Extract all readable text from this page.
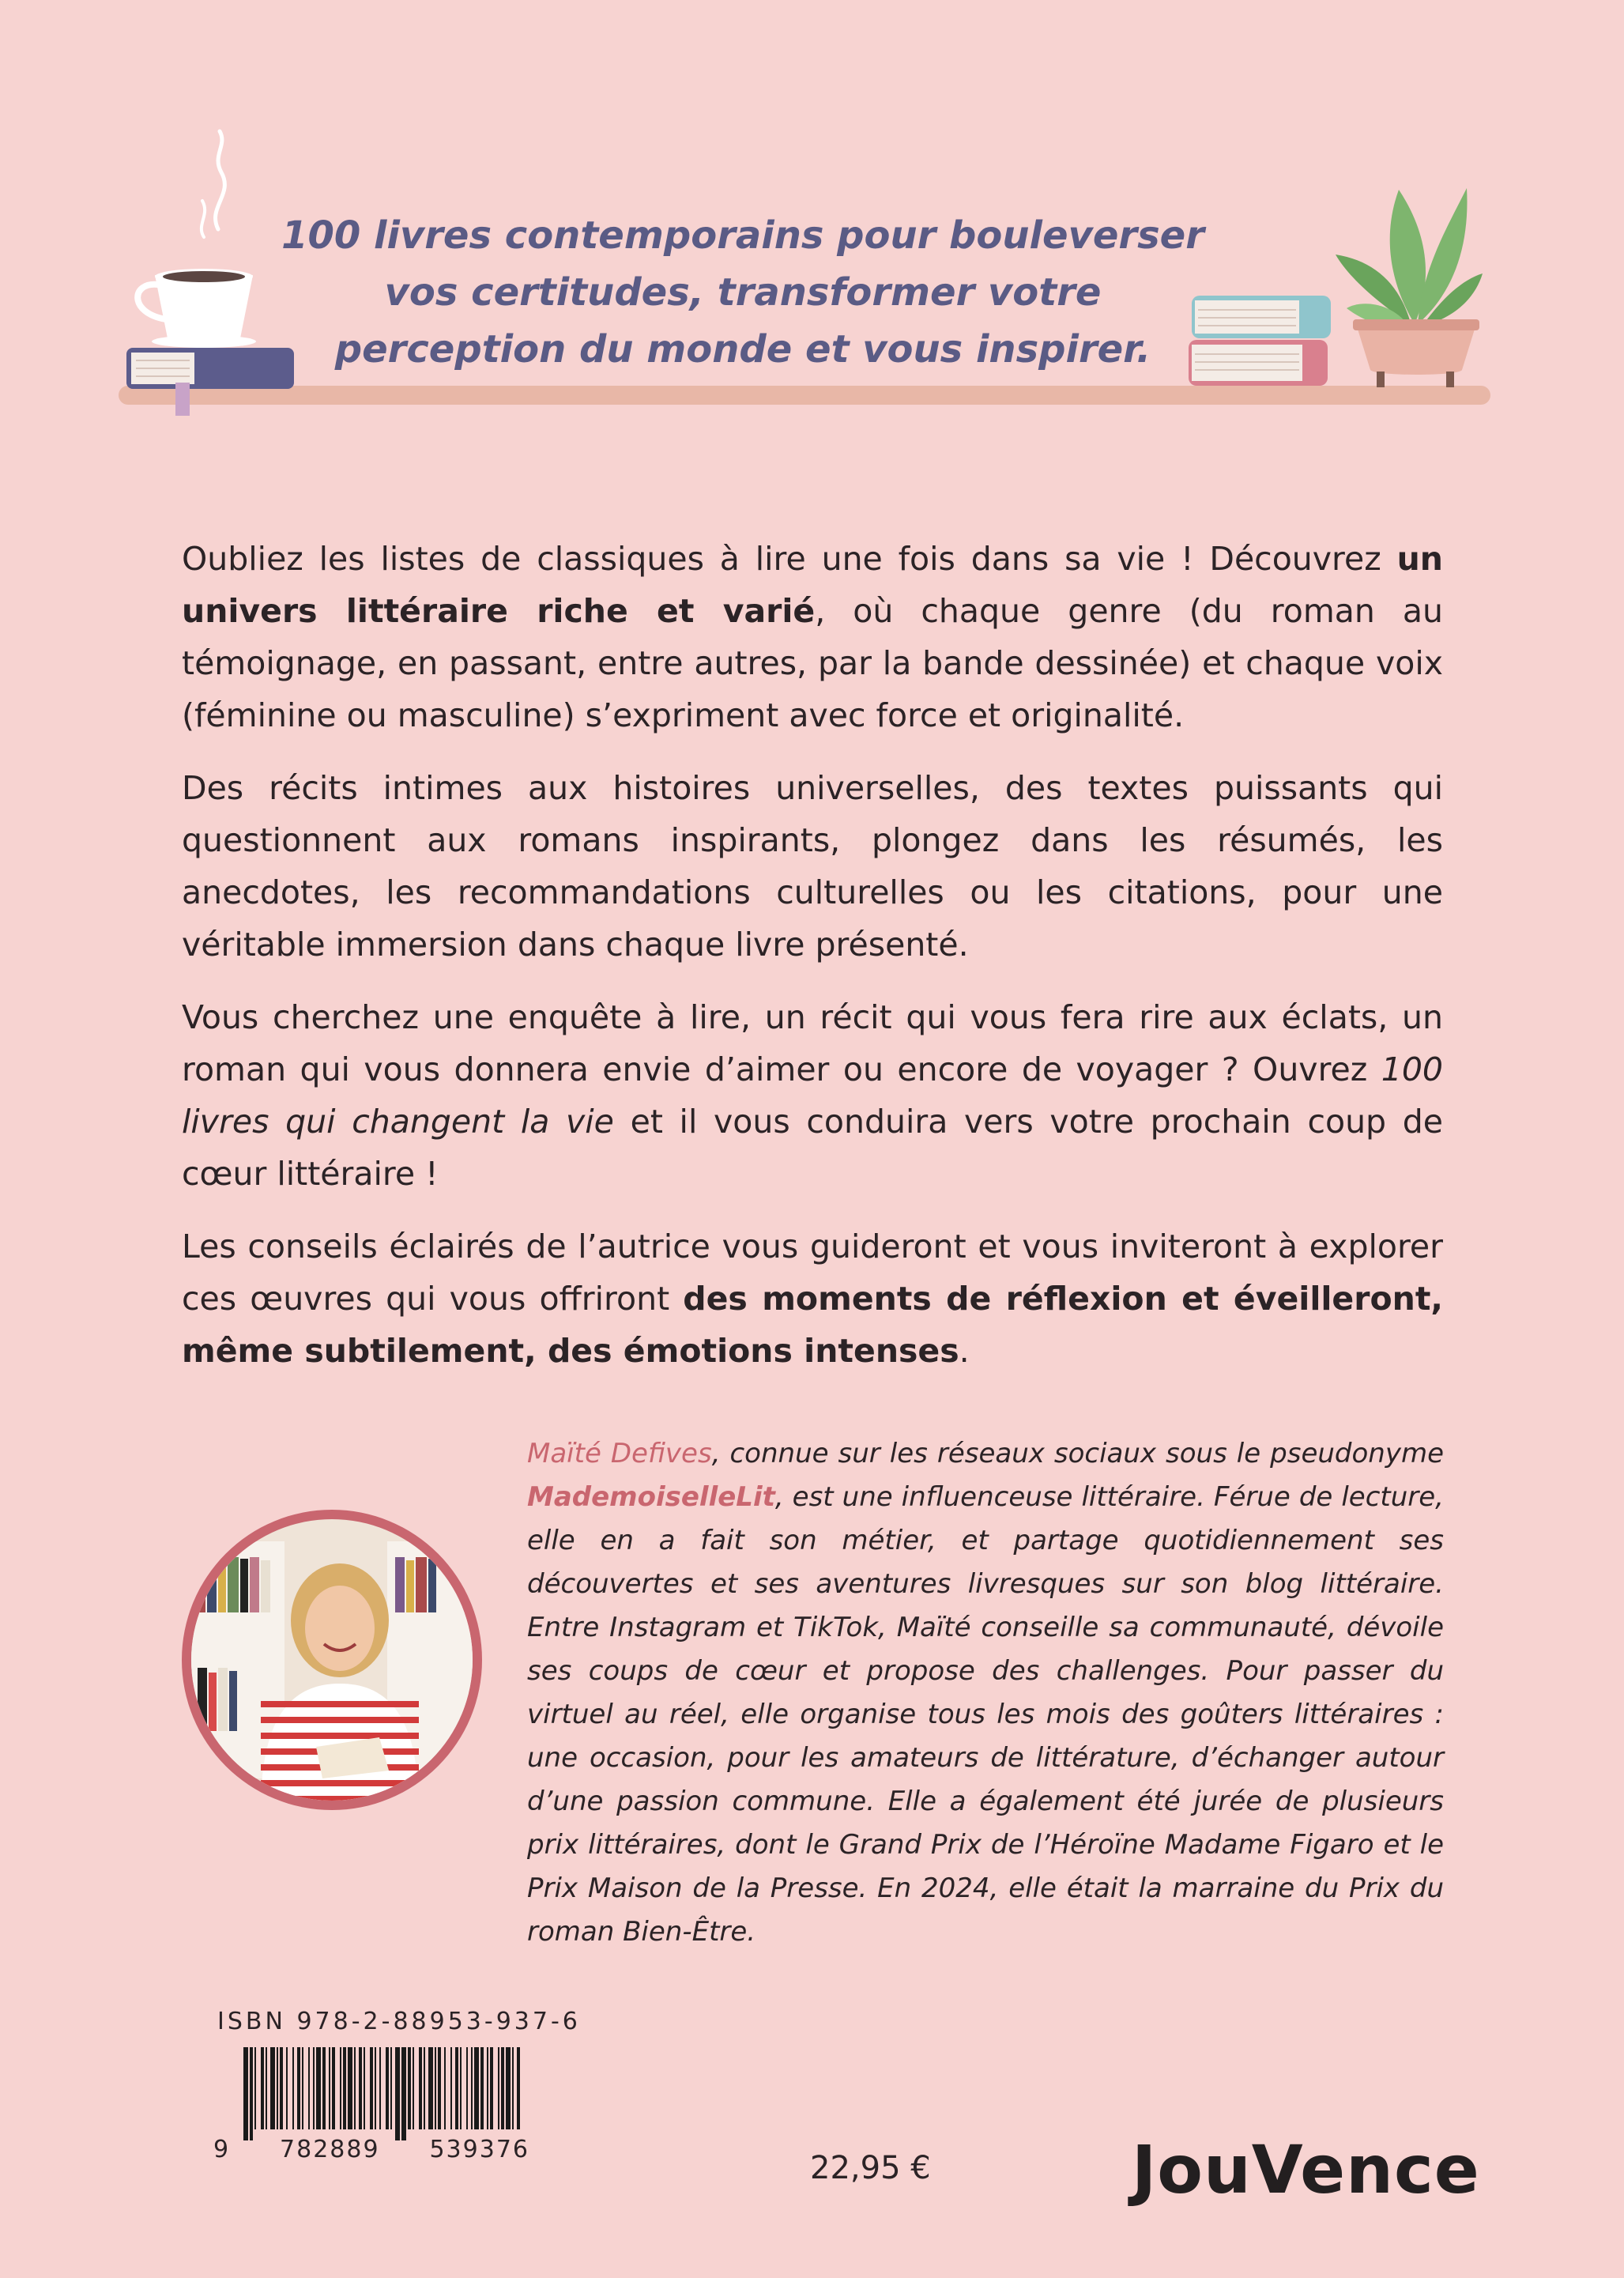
100 livres contemporains pour bouleverser
vos certitudes, transformer votre
perception du monde et vous inspirer.

Oubliez les listes de classiques à lire une fois dans sa vie ! Découvrez un univers littéraire riche et varié, où chaque genre (du roman au témoignage, en passant, entre autres, par la bande dessinée) et chaque voix (féminine ou masculine) s’expriment avec force et originalité.

Des récits intimes aux histoires universelles, des textes puissants qui questionnent aux romans inspirants, plongez dans les résumés, les anecdotes, les recommandations culturelles ou les citations, pour une véritable immersion dans chaque livre présenté.

Vous cherchez une enquête à lire, un récit qui vous fera rire aux éclats, un roman qui vous donnera envie d’aimer ou encore de voyager ? Ouvrez 100 livres qui changent la vie et il vous conduira vers votre prochain coup de cœur littéraire !

Les conseils éclairés de l’autrice vous guideront et vous inviteront à explorer ces œuvres qui vous offriront des moments de réflexion et éveilleront, même subtilement, des émotions intenses.

Maïté Defives, connue sur les réseaux sociaux sous le pseudonyme MademoiselleLit, est une influenceuse littéraire. Férue de lecture, elle en a fait son métier, et partage quotidiennement ses découvertes et ses aventures livresques sur son blog littéraire. Entre Instagram et TikTok, Maïté conseille sa communauté, dévoile ses coups de cœur et propose des challenges. Pour passer du virtuel au réel, elle organise tous les mois des goûters littéraires : une occasion, pour les amateurs de littérature, d’échanger autour d’une passion commune. Elle a également été jurée de plusieurs prix littéraires, dont le Grand Prix de l’Héroïne Madame Figaro et le Prix Maison de la Presse. En 2024, elle était la marraine du Prix du roman Bien-Être.

ISBN 978-2-88953-937-6
9 782889 539376
22,95 €	JouVence
